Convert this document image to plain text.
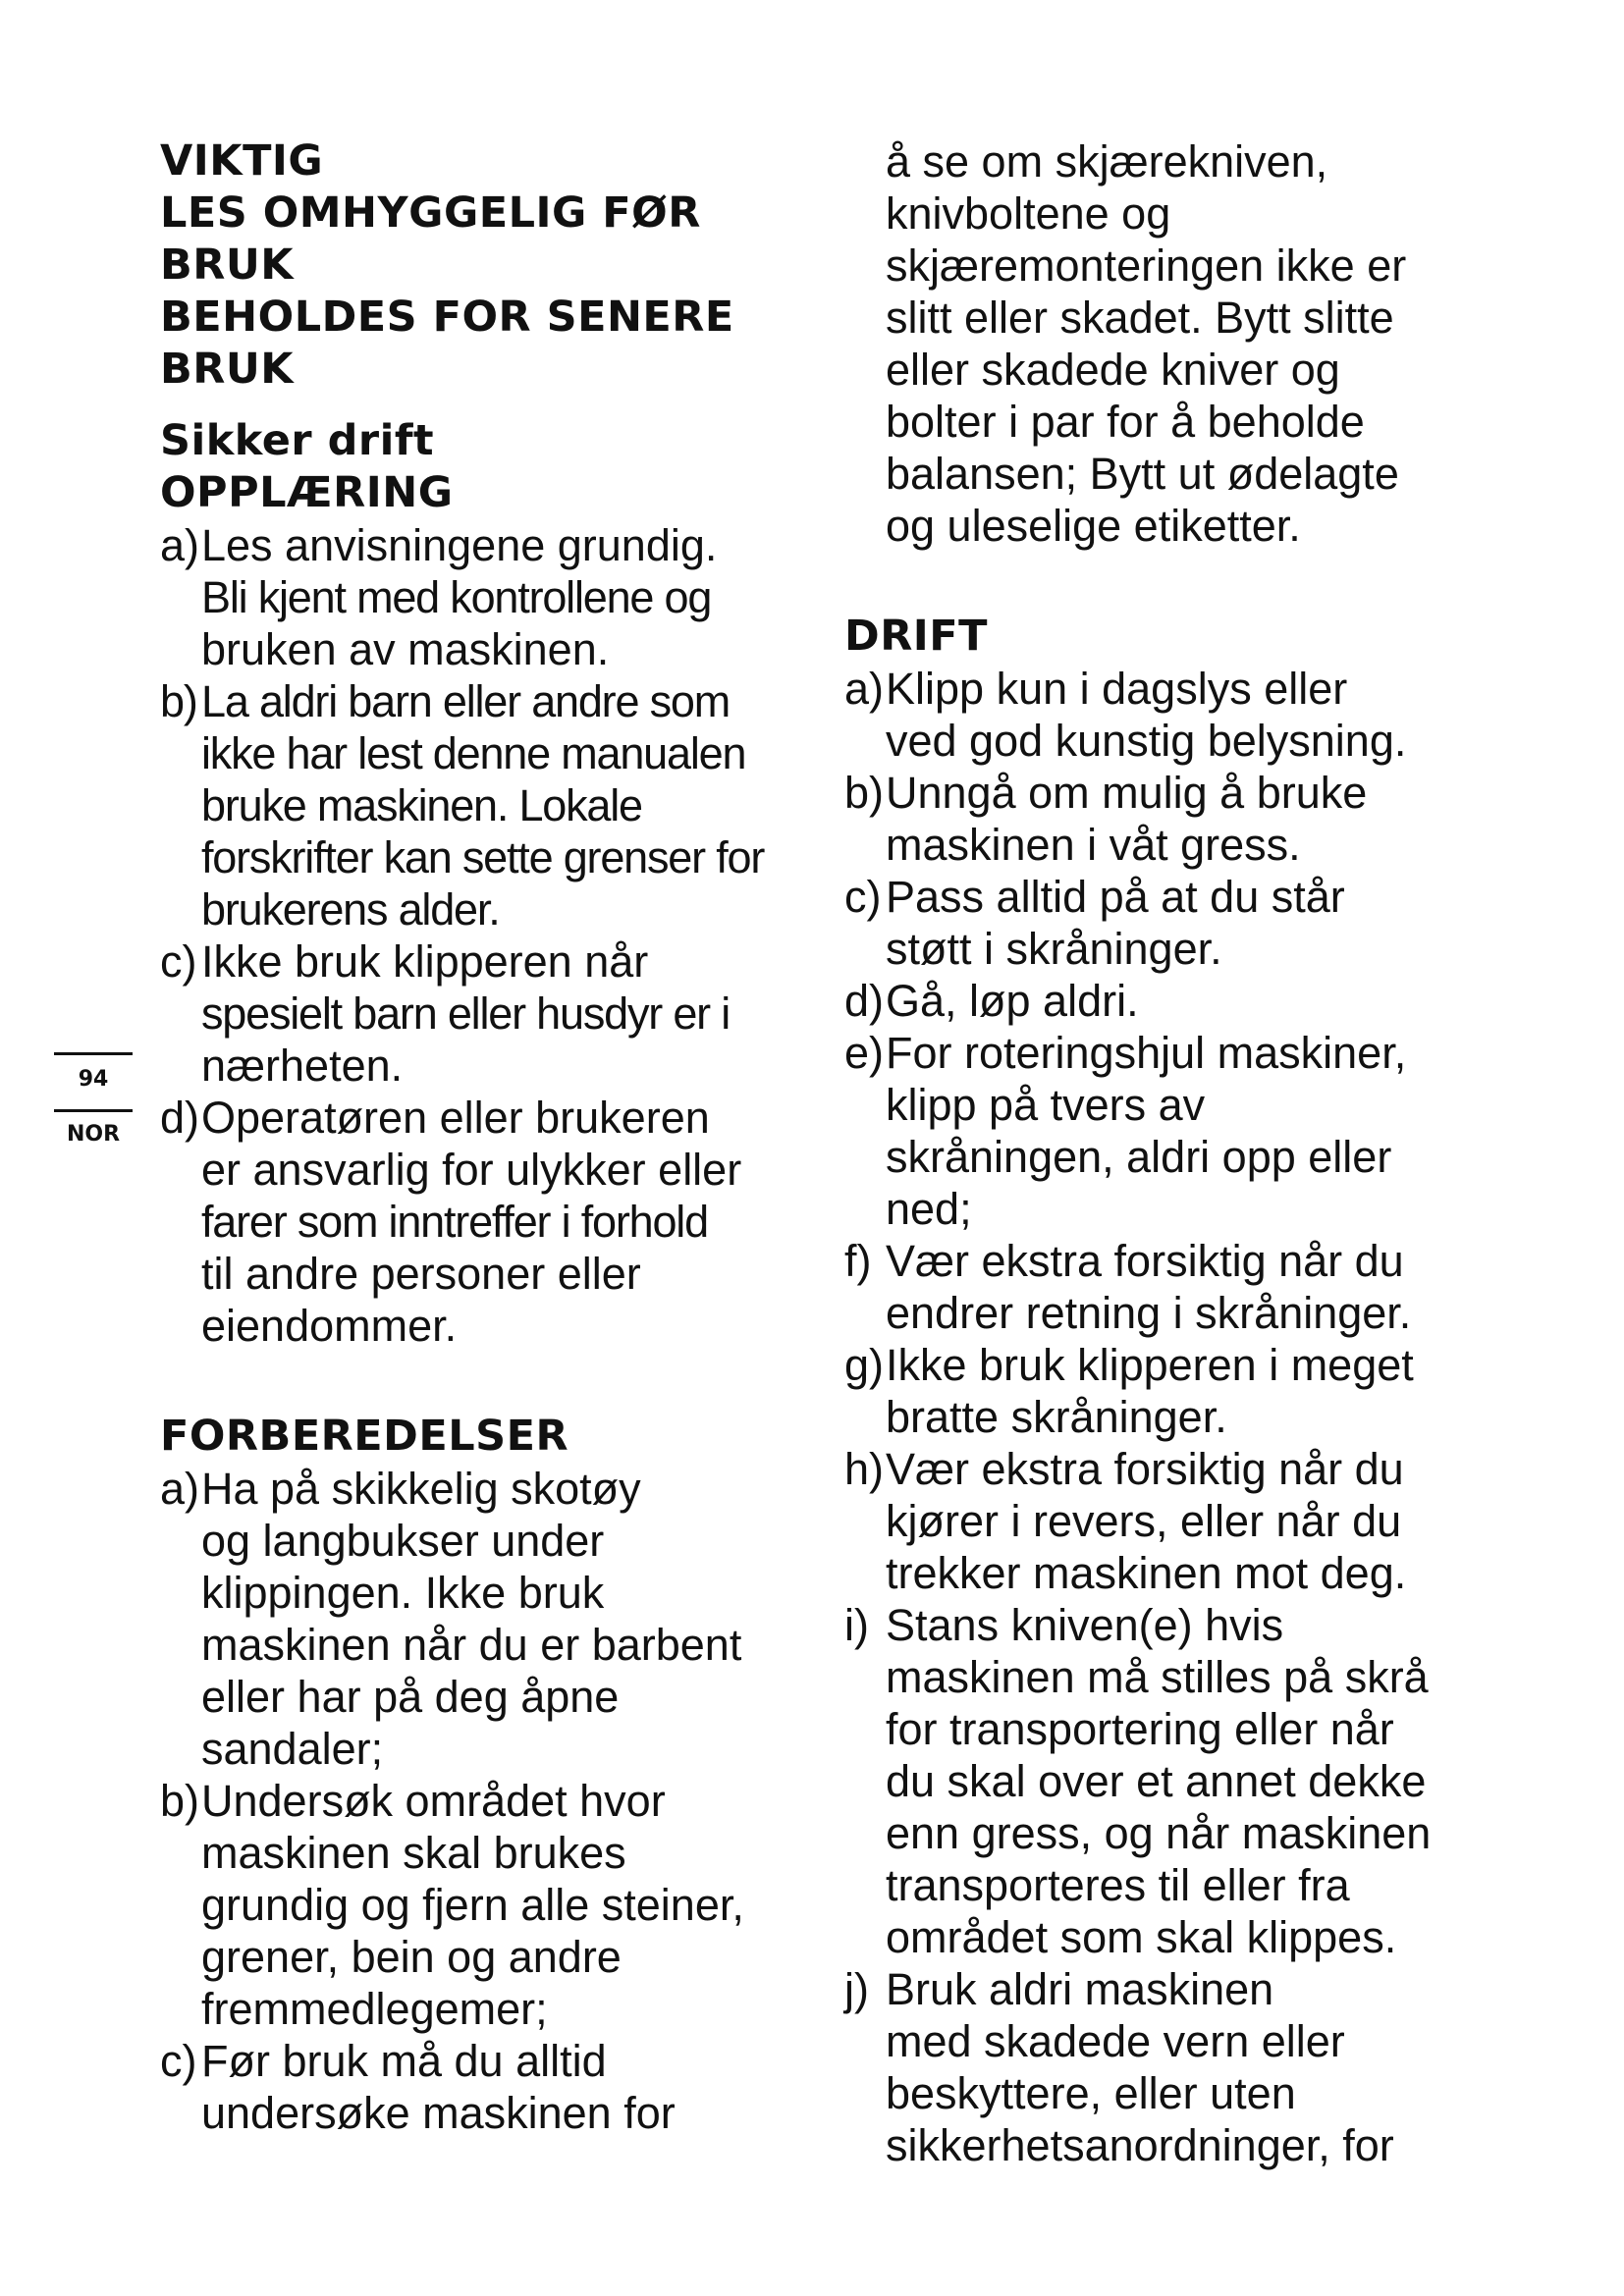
94
NOR
VIKTIG
LES OMHYGGELIG FØR
BRUK
BEHOLDES FOR SENERE
BRUK
Sikker drift
OPPLÆRING
a) Les anvisningene grundig.
Bli kjent med kontrollene og
bruken av maskinen.
b) La aldri barn eller andre som
ikke har lest denne manualen
bruke maskinen. Lokale
forskrifter kan sette grenser for
brukerens alder.
c) Ikke bruk klipperen når
spesielt barn eller husdyr er i
nærheten.
d) Operatøren eller brukeren
er ansvarlig for ulykker eller
farer som inntreffer i forhold
til andre personer eller
eiendommer.
FORBEREDELSER
a) Ha på skikkelig skotøy
og langbukser under
klippingen. Ikke bruk
maskinen når du er barbent
eller har på deg åpne
sandaler;
b) Undersøk området hvor
maskinen skal brukes
grundig og fjern alle steiner,
grener, bein og andre
fremmedlegemer;
c) Før bruk må du alltid
undersøke maskinen for
å se om skjærekniven,
knivboltene og
skjæremonteringen ikke er
slitt eller skadet. Bytt slitte
eller skadede kniver og
bolter i par for å beholde
balansen; Bytt ut ødelagte
og uleselige etiketter.
DRIFT
a) Klipp kun i dagslys eller
ved god kunstig belysning.
b) Unngå om mulig å bruke
maskinen i våt gress.
c) Pass alltid på at du står
støtt i skråninger.
d) Gå, løp aldri.
e) For roteringshjul maskiner,
klipp på tvers av
skråningen, aldri opp eller
ned;
f) Vær ekstra forsiktig når du
endrer retning i skråninger.
g) Ikke bruk klipperen i meget
bratte skråninger.
h) Vær ekstra forsiktig når du
kjører i revers, eller når du
trekker maskinen mot deg.
i) Stans kniven(e) hvis
maskinen må stilles på skrå
for transportering eller når
du skal over et annet dekke
enn gress, og når maskinen
transporteres til eller fra
området som skal klippes.
j) Bruk aldri maskinen
med skadede vern eller
beskyttere, eller uten
sikkerhetsanordninger, for
